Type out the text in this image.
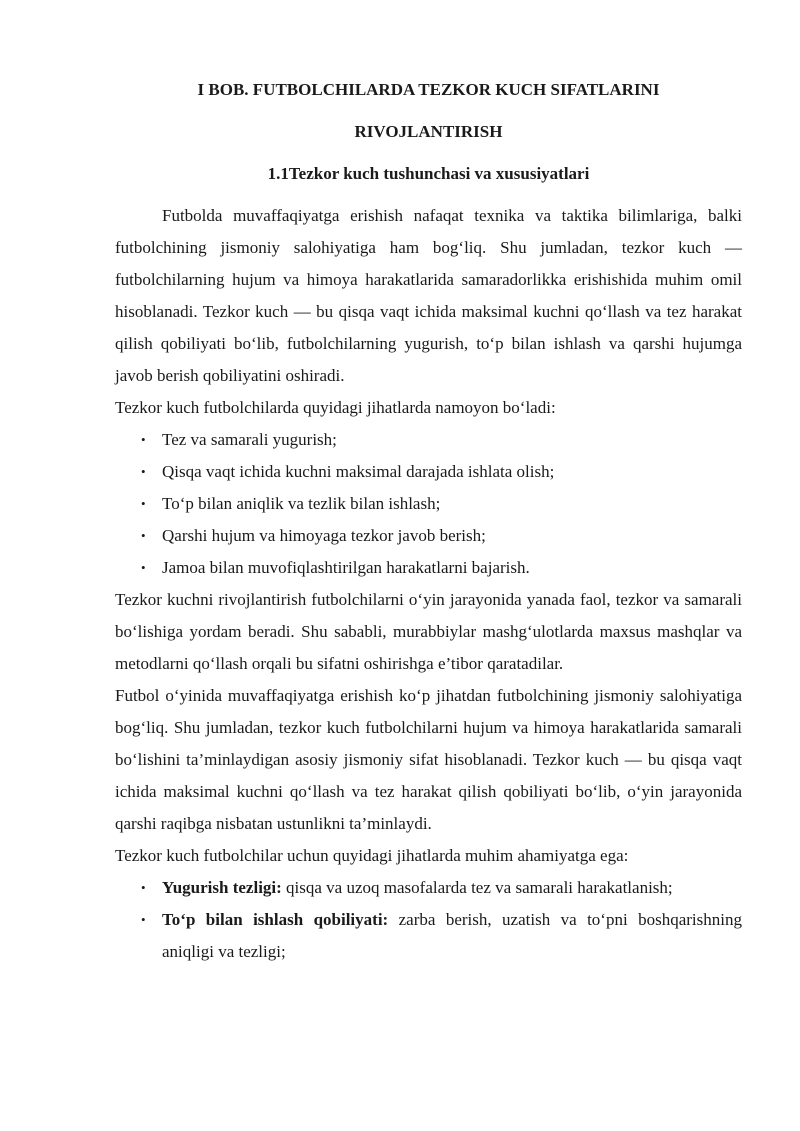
I BOB. FUTBOLCHILARDA TEZKOR KUCH SIFATLARINI
RIVOJLANTIRISH
1.1Tezkor kuch tushunchasi va xususiyatlari

Futbolda muvaffaqiyatga erishish nafaqat texnika va taktika bilimlariga, balki futbolchining jismoniy salohiyatiga ham bog‘liq. Shu jumladan, tezkor kuch — futbolchilarning hujum va himoya harakatlarida samaradorlikka erishishida muhim omil hisoblanadi. Tezkor kuch — bu qisqa vaqt ichida maksimal kuchni qo‘llash va tez harakat qilish qobiliyati bo‘lib, futbolchilarning yugurish, to‘p bilan ishlash va qarshi hujumga javob berish qobiliyatini oshiradi.

Tezkor kuch futbolchilarda quyidagi jihatlarda namoyon bo‘ladi:

• Tez va samarali yugurish;
• Qisqa vaqt ichida kuchni maksimal darajada ishlata olish;
• To‘p bilan aniqlik va tezlik bilan ishlash;
• Qarshi hujum va himoyaga tezkor javob berish;
• Jamoa bilan muvofiqlashtirilgan harakatlarni bajarish.

Tezkor kuchni rivojlantirish futbolchilarni o‘yin jarayonida yanada faol, tezkor va samarali bo‘lishiga yordam beradi. Shu sababli, murabbiylar mashg‘ulotlarda maxsus mashqlar va metodlarni qo‘llash orqali bu sifatni oshirishga e’tibor qaratadilar.

Futbol o‘yinida muvaffaqiyatga erishish ko‘p jihatdan futbolchining jismoniy salohiyatiga bog‘liq. Shu jumladan, tezkor kuch futbolchilarni hujum va himoya harakatlarida samarali bo‘lishini ta’minlaydigan asosiy jismoniy sifat hisoblanadi. Tezkor kuch — bu qisqa vaqt ichida maksimal kuchni qo‘llash va tez harakat qilish qobiliyati bo‘lib, o‘yin jarayonida qarshi raqibga nisbatan ustunlikni ta’minlaydi.

Tezkor kuch futbolchilar uchun quyidagi jihatlarda muhim ahamiyatga ega:

• Yugurish tezligi: qisqa va uzoq masofalarda tez va samarali harakatlanish;
• To‘p bilan ishlash qobiliyati: zarba berish, uzatish va to‘pni boshqarishning aniqligi va tezligi;
